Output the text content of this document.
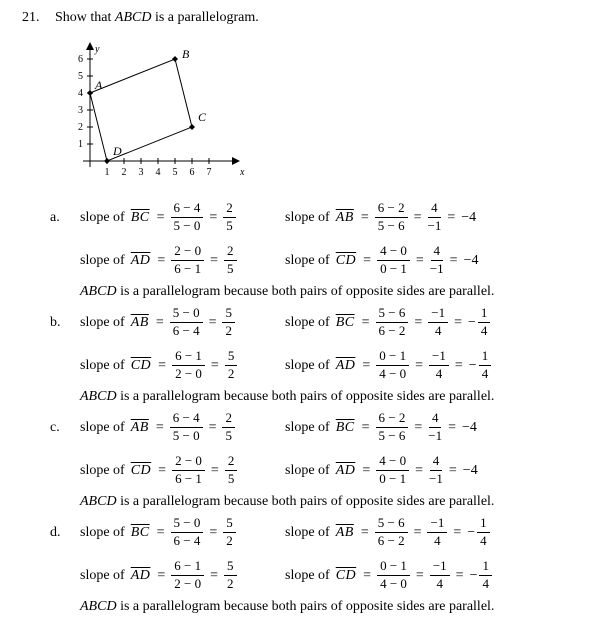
21.	Show that ABCD is a parallelogram.
x
y
1 2 3 4 5 6 7
1
2
3
4
5
6
A
B
C
D
a.	slope of $\overline{BC} = \frac{6 - 4}{5 - 0} = \frac{2}{5}$	slope of $\overline{AB} = \frac{6 - 2}{5 - 6} = \frac{4}{-1} = -4$
slope of $\overline{AD} = \frac{2 - 0}{6 - 1} = \frac{2}{5}$	slope of $\overline{CD} = \frac{4 - 0}{0 - 1} = \frac{4}{-1} = -4$
ABCD is a parallelogram because both pairs of opposite sides are parallel.
b.	slope of $\overline{AB} = \frac{5 - 0}{6 - 4} = \frac{5}{2}$	slope of $\overline{BC} = \frac{5 - 6}{6 - 2} = \frac{-1}{4}$ = − $\frac{1}{4}$
slope of $\overline{CD} = \frac{6 - 1}{2 - 0} = \frac{5}{2}$	slope of $\overline{AD} = \frac{0 - 1}{4 - 0} = \frac{-1}{4}$ = − $\frac{1}{4}$
ABCD is a parallelogram because both pairs of opposite sides are parallel.
c.	slope of $\overline{AB} = \frac{6 - 4}{5 - 0} = \frac{2}{5}$	slope of $\overline{BC} = \frac{6 - 2}{5 - 6} = \frac{4}{-1} = -4$
slope of $\overline{CD} = \frac{2 - 0}{6 - 1} = \frac{2}{5}$	slope of $\overline{AD} = \frac{4 - 0}{0 - 1} = \frac{4}{-1} = -4$
ABCD is a parallelogram because both pairs of opposite sides are parallel.
d.	slope of $\overline{BC} = \frac{5 - 0}{6 - 4} = \frac{5}{2}$	slope of $\overline{AB} = \frac{5 - 6}{6 - 2} = \frac{-1}{4}$ = − $\frac{1}{4}$
slope of $\overline{AD} = \frac{6 - 1}{2 - 0} = \frac{5}{2}$	slope of $\overline{CD} = \frac{0 - 1}{4 - 0} = \frac{-1}{4}$ = − $\frac{1}{4}$
ABCD is a parallelogram because both pairs of opposite sides are parallel.
